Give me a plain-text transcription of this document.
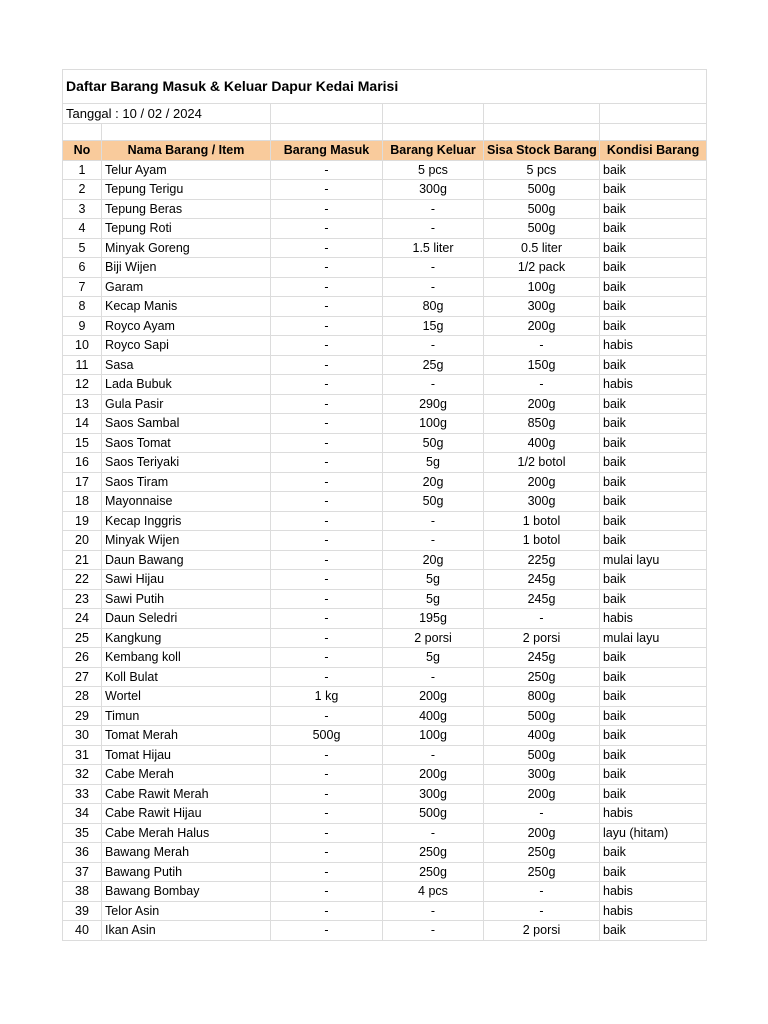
Daftar Barang Masuk & Keluar Dapur Kedai Marisi					
Tanggal : 10 / 02 / 2024					

No	Nama Barang / Item	Barang Masuk	Barang Keluar	Sisa Stock Barang	Kondisi Barang
1	Telur Ayam	-	5 pcs	5 pcs	baik
2	Tepung Terigu	-	300g	500g	baik
3	Tepung Beras	-	-	500g	baik
4	Tepung Roti	-	-	500g	baik
5	Minyak Goreng	-	1.5 liter	0.5 liter	baik
6	Biji Wijen	-	-	1/2 pack	baik
7	Garam	-	-	100g	baik
8	Kecap Manis	-	80g	300g	baik
9	Royco Ayam	-	15g	200g	baik
10	Royco Sapi	-	-	-	habis
11	Sasa	-	25g	150g	baik
12	Lada Bubuk	-	-	-	habis
13	Gula Pasir	-	290g	200g	baik
14	Saos Sambal	-	100g	850g	baik
15	Saos Tomat	-	50g	400g	baik
16	Saos Teriyaki	-	5g	1/2 botol	baik
17	Saos Tiram	-	20g	200g	baik
18	Mayonnaise	-	50g	300g	baik
19	Kecap Inggris	-	-	1 botol	baik
20	Minyak Wijen	-	-	1 botol	baik
21	Daun Bawang	-	20g	225g	mulai layu
22	Sawi Hijau	-	5g	245g	baik
23	Sawi Putih	-	5g	245g	baik
24	Daun Seledri	-	195g	-	habis
25	Kangkung	-	2 porsi	2 porsi	mulai layu
26	Kembang koll	-	5g	245g	baik
27	Koll Bulat	-	-	250g	baik
28	Wortel	1 kg	200g	800g	baik
29	Timun	-	400g	500g	baik
30	Tomat Merah	500g	100g	400g	baik
31	Tomat Hijau	-	-	500g	baik
32	Cabe Merah	-	200g	300g	baik
33	Cabe Rawit Merah	-	300g	200g	baik
34	Cabe Rawit Hijau	-	500g	-	habis
35	Cabe Merah Halus	-	-	200g	layu (hitam)
36	Bawang Merah	-	250g	250g	baik
37	Bawang Putih	-	250g	250g	baik
38	Bawang Bombay	-	4 pcs	-	habis
39	Telor Asin	-	-	-	habis
40	Ikan Asin	-	-	2 porsi	baik
